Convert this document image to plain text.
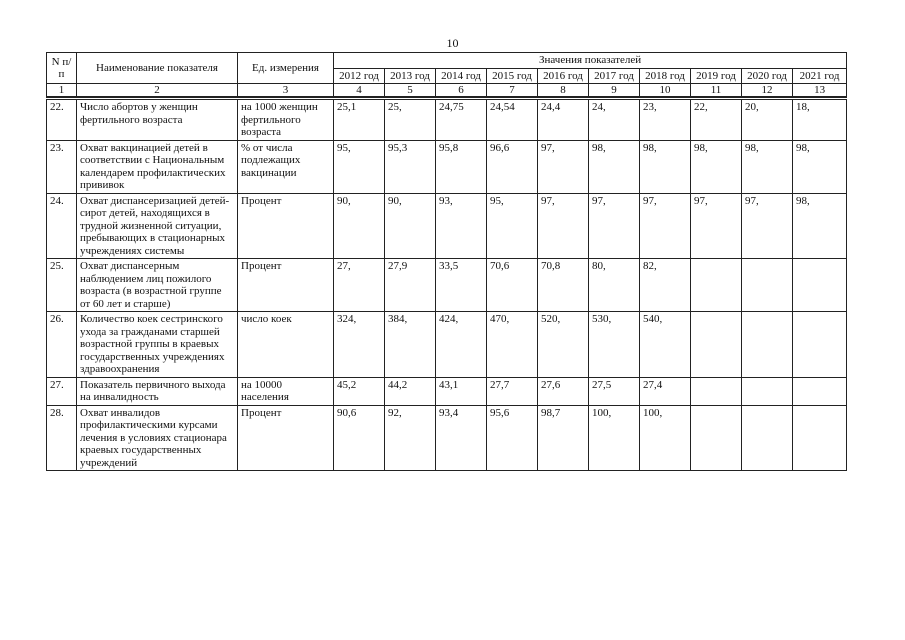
10
N п/п	Наименование показателя	Ед. измерения	Значения показателей									
			2012 год	2013 год	2014 год	2015 год	2016 год	2017 год	2018 год	2019 год	2020 год	2021 год
1	2	3	4	5	6	7	8	9	10	11	12	13

22.	Число абортов у женщин фертильного возраста	на 1000 женщин фертильного возраста	25,1	25,	24,75	24,54	24,4	24,	23,	22,	20,	18,
23.	Охват вакцинацией детей в соответствии с Национальным календарем профилактических прививок	% от числа подлежащих вакцинации	95,	95,3	95,8	96,6	97,	98,	98,	98,	98,	98,
24.	Охват диспансеризацией детей-сирот детей, находящихся в трудной жизненной ситуации, пребывающих в стационарных учреждениях системы	Процент	90,	90,	93,	95,	97,	97,	97,	97,	97,	98,
25.	Охват диспансерным наблюдением лиц пожилого возраста (в возрастной группе от 60 лет и старше)	Процент	27,	27,9	33,5	70,6	70,8	80,	82,			
26.	Количество коек сестринского ухода за гражданами старшей возрастной группы в краевых государственных учреждениях здравоохранения	число коек	324,	384,	424,	470,	520,	530,	540,			
27.	Показатель первичного выхода на инвалидность	на 10000 населения	45,2	44,2	43,1	27,7	27,6	27,5	27,4			
28.	Охват инвалидов профилактическими курсами лечения в условиях стационара краевых государственных учреждений	Процент	90,6	92,	93,4	95,6	98,7	100,	100,			
